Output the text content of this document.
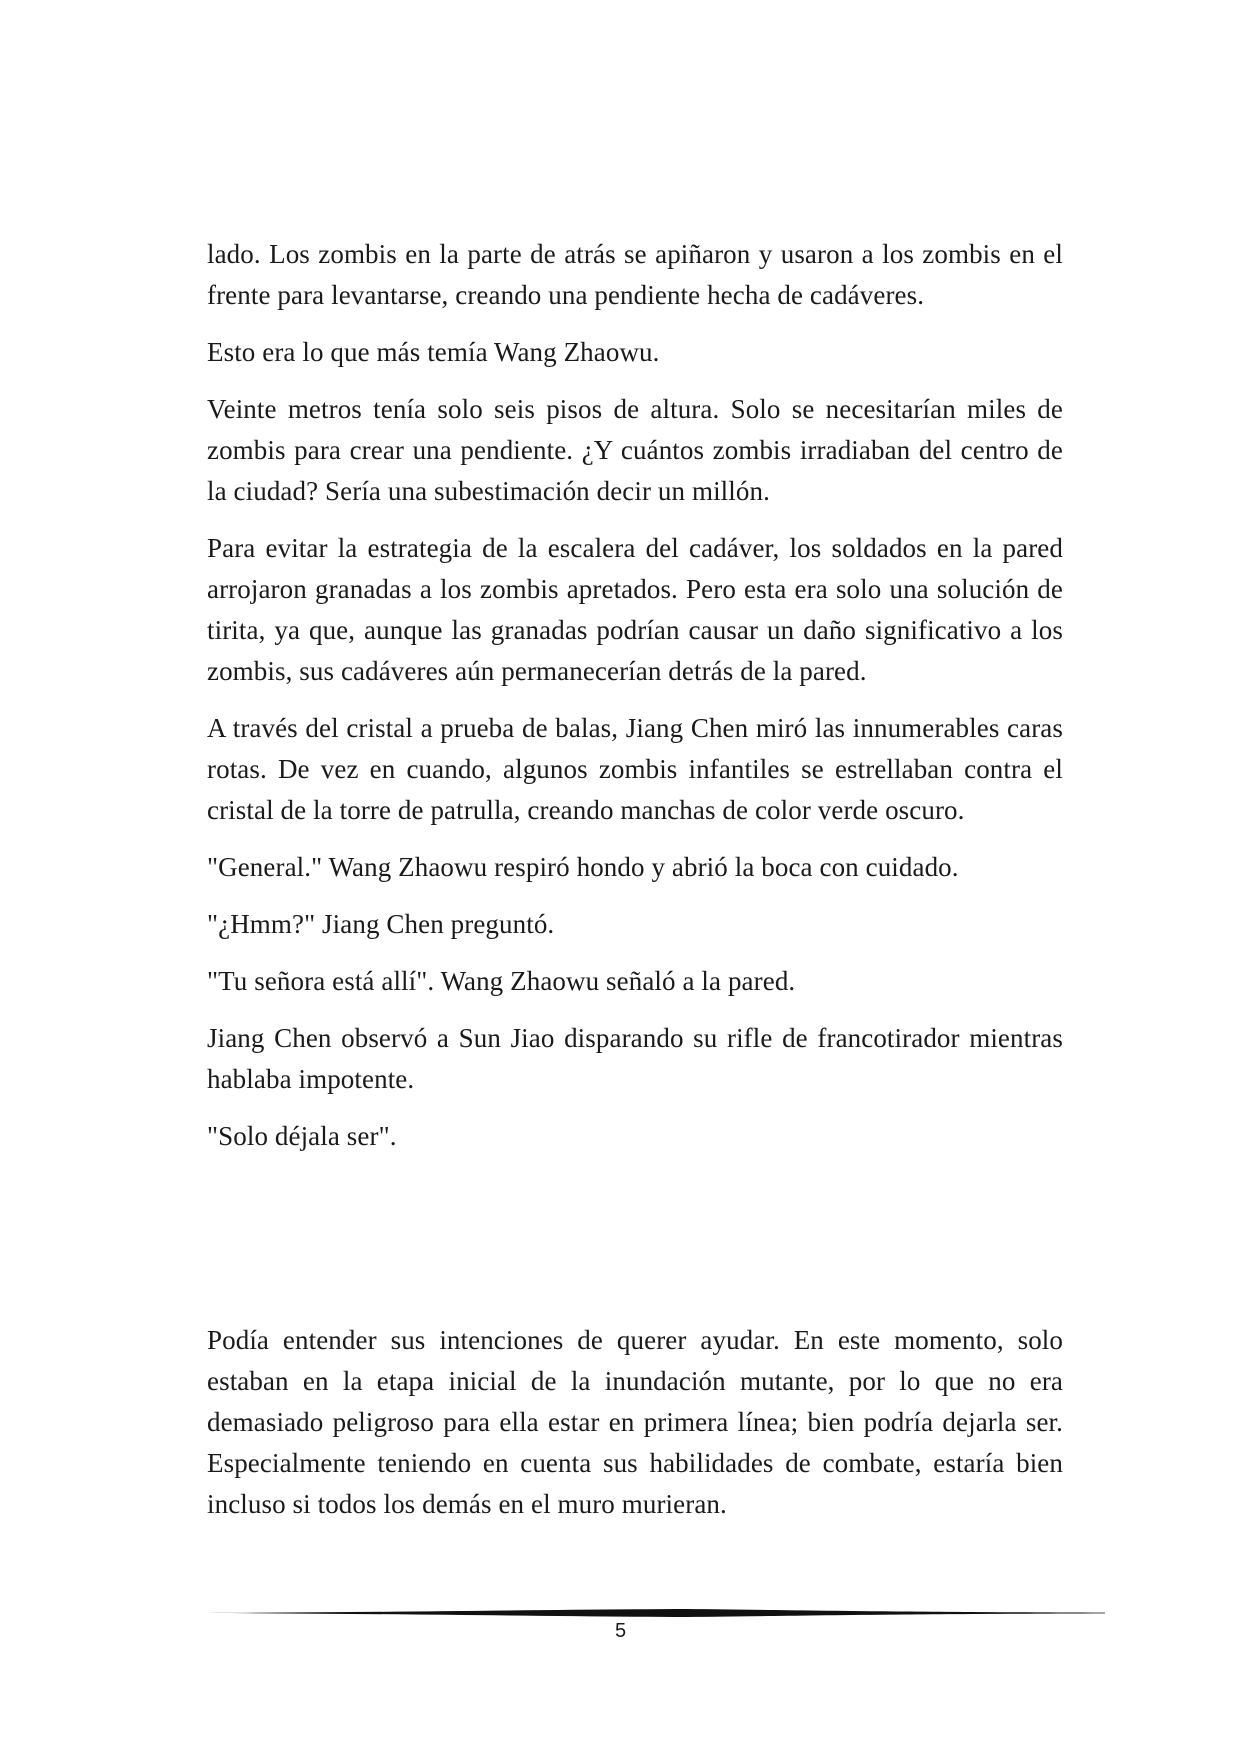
lado. Los zombis en la parte de atrás se apiñaron y usaron a los zombis en el frente para levantarse, creando una pendiente hecha de cadáveres.

Esto era lo que más temía Wang Zhaowu.

Veinte metros tenía solo seis pisos de altura. Solo se necesitarían miles de zombis para crear una pendiente. ¿Y cuántos zombis irradiaban del centro de la ciudad? Sería una subestimación decir un millón.

Para evitar la estrategia de la escalera del cadáver, los soldados en la pared arrojaron granadas a los zombis apretados. Pero esta era solo una solución de tirita, ya que, aunque las granadas podrían causar un daño significativo a los zombis, sus cadáveres aún permanecerían detrás de la pared.

A través del cristal a prueba de balas, Jiang Chen miró las innumerables caras rotas. De vez en cuando, algunos zombis infantiles se estrellaban contra el cristal de la torre de patrulla, creando manchas de color verde oscuro.

"General." Wang Zhaowu respiró hondo y abrió la boca con cuidado.

"¿Hmm?" Jiang Chen preguntó.

"Tu señora está allí". Wang Zhaowu señaló a la pared.

Jiang Chen observó a Sun Jiao disparando su rifle de francotirador mientras hablaba impotente.

"Solo déjala ser".

Podía entender sus intenciones de querer ayudar. En este momento, solo estaban en la etapa inicial de la inundación mutante, por lo que no era demasiado peligroso para ella estar en primera línea; bien podría dejarla ser. Especialmente teniendo en cuenta sus habilidades de combate, estaría bien incluso si todos los demás en el muro murieran.

5
